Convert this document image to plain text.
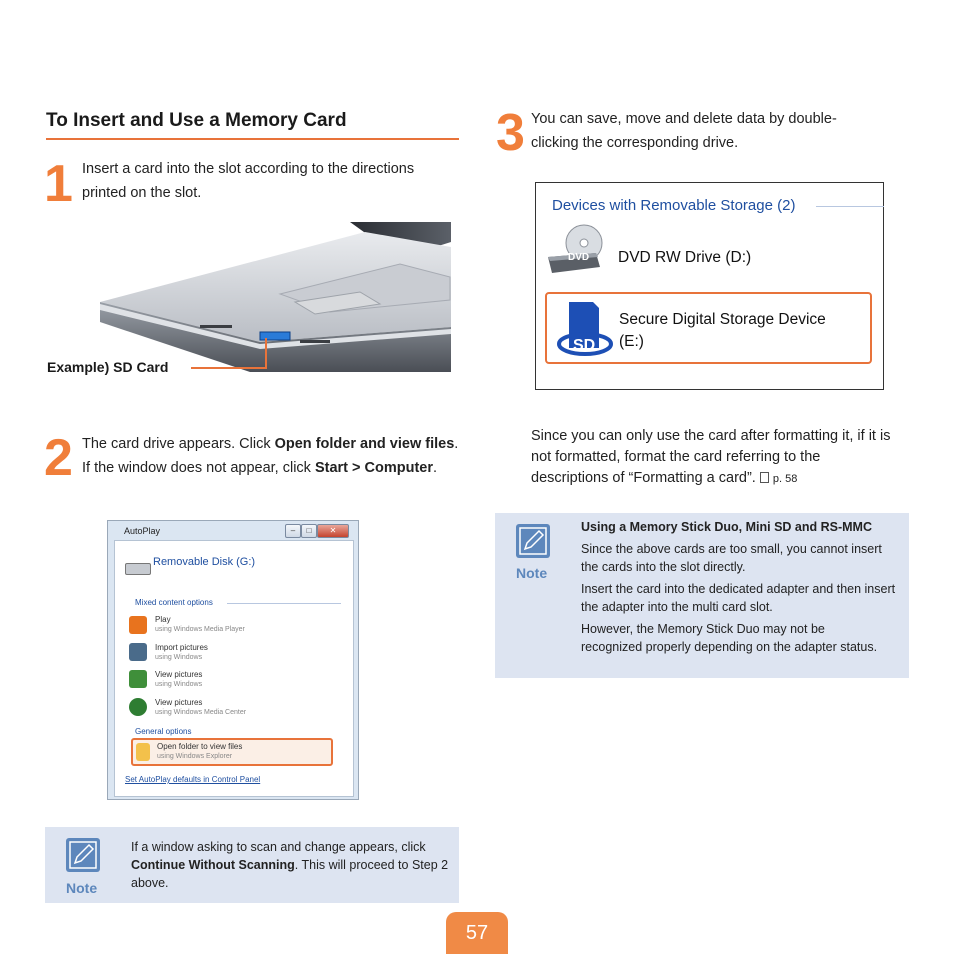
To Insert and Use a Memory Card
1 Insert a card into the slot according to the directions printed on the slot.
Example) SD Card
2 The card drive appears. Click Open folder and view files. If the window does not appear, click Start > Computer.
AutoPlay	–	□	✕
Removable Disk (G:)
Mixed content options
Play
using Windows Media Player
Import pictures
using Windows
View pictures
using Windows
View pictures
using Windows Media Center
General options
Open folder to view files
using Windows Explorer
Set AutoPlay defaults in Control Panel
Note
If a window asking to scan and change appears, click Continue Without Scanning. This will proceed to Step 2 above.
3 You can save, move and delete data by double-clicking the corresponding drive.
Devices with Removable Storage (2)
DVD DVD RW Drive (D:)
SD
Secure Digital Storage Device
(E:)
Since you can only use the card after formatting it, if it is not formatted, format the card referring to the descriptions of “Formatting a card”. p. 58
Note
Using a Memory Stick Duo, Mini SD and RS-MMC
Since the above cards are too small, you cannot insert the cards into the slot directly.
Insert the card into the dedicated adapter and then insert the adapter into the multi card slot.
However, the Memory Stick Duo may not be recognized properly depending on the adapter status.
57
